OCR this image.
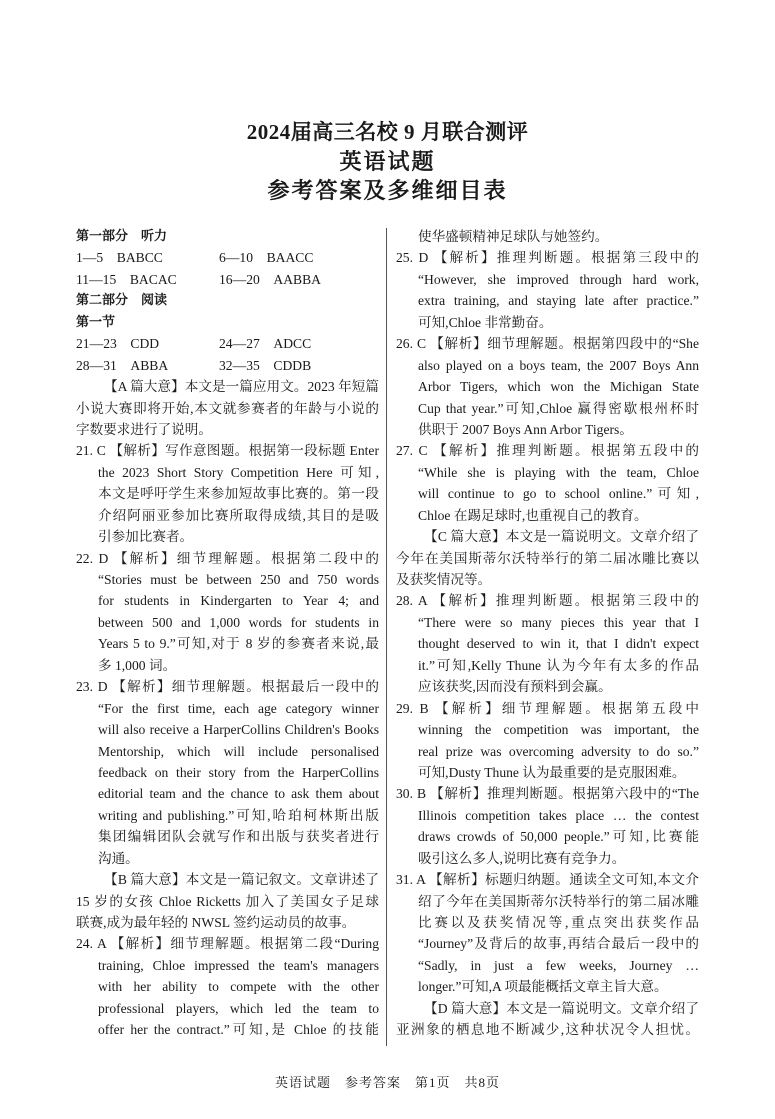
2024届高三名校 9 月联合测评
英语试题
参考答案及多维细目表
第一部分　听力
1—5　BABCC	6—10　BAACC
11—15　BACAC	16—20　AABBA
第二部分　阅读
第一节
21—23　CDD	24—27　ADCC
28—31　ABBA	32—35　CDDB
【A 篇大意】本文是一篇应用文。2023 年短篇
小说大赛即将开始,本文就参赛者的年龄与小说的
字数要求进行了说明。
21. C 【解析】写作意图题。根据第一段标题 Enter
the 2023 Short Story Competition Here 可知,
本文是呼吁学生来参加短故事比赛的。第一段
介绍阿丽亚参加比赛所取得成绩,其目的是吸
引参加比赛者。
22. D 【解析】细节理解题。根据第二段中的
“Stories must be between 250 and 750 words
for students in Kindergarten to Year 4; and
between 500 and 1,000 words for students in
Years 5 to 9.”可知,对于 8 岁的参赛者来说,最
多 1,000 词。
23. D 【解析】细节理解题。根据最后一段中的
“For the first time, each age category winner
will also receive a HarperCollins Children's Books
Mentorship, which will include personalised
feedback on their story from the HarperCollins
editorial team and the chance to ask them about
writing and publishing.”可知,哈珀柯林斯出版
集团编辑团队会就写作和出版与获奖者进行
沟通。
【B 篇大意】本文是一篇记叙文。文章讲述了
15 岁的女孩 Chloe Ricketts 加入了美国女子足球
联赛,成为最年轻的 NWSL 签约运动员的故事。
24. A 【解析】细节理解题。根据第二段“During
training, Chloe impressed the team's managers
with her ability to compete with the other
professional players, which led the team to
offer her the contract.”可知,是 Chloe 的技能
使华盛顿精神足球队与她签约。
25. D 【解析】推理判断题。根据第三段中的
“However, she improved through hard work,
extra training, and staying late after practice.”
可知,Chloe 非常勤奋。
26. C 【解析】细节理解题。根据第四段中的“She
also played on a boys team, the 2007 Boys Ann
Arbor Tigers, which won the Michigan State
Cup that year.”可知,Chloe 赢得密歇根州杯时
供职于 2007 Boys Ann Arbor Tigers。
27. C 【解析】推理判断题。根据第五段中的
“While she is playing with the team, Chloe
will continue to go to school online.”可知,
Chloe 在踢足球时,也重视自己的教育。
【C 篇大意】本文是一篇说明文。文章介绍了
今年在美国斯蒂尔沃特举行的第二届冰雕比赛以
及获奖情况等。
28. A 【解析】推理判断题。根据第三段中的
“There were so many pieces this year that I
thought deserved to win it, that I didn't expect
it.”可知,Kelly Thune 认为今年有太多的作品
应该获奖,因而没有预料到会赢。
29. B 【解析】细节理解题。根据第五段中
winning the competition was important, the
real prize was overcoming adversity to do so.”
可知,Dusty Thune 认为最重要的是克服困难。
30. B 【解析】推理判断题。根据第六段中的“The
Illinois competition takes place … the contest
draws crowds of 50,000 people.”可知,比赛能
吸引这么多人,说明比赛有竞争力。
31. A 【解析】标题归纳题。通读全文可知,本文介
绍了今年在美国斯蒂尔沃特举行的第二届冰雕
比赛以及获奖情况等,重点突出获奖作品
“Journey”及背后的故事,再结合最后一段中的
“Sadly, in just a few weeks, Journey …
longer.”可知,A 项最能概括文章主旨大意。
【D 篇大意】本文是一篇说明文。文章介绍了
亚洲象的栖息地不断减少,这种状况令人担忧。
英语试题　参考答案　第1页　共8页
